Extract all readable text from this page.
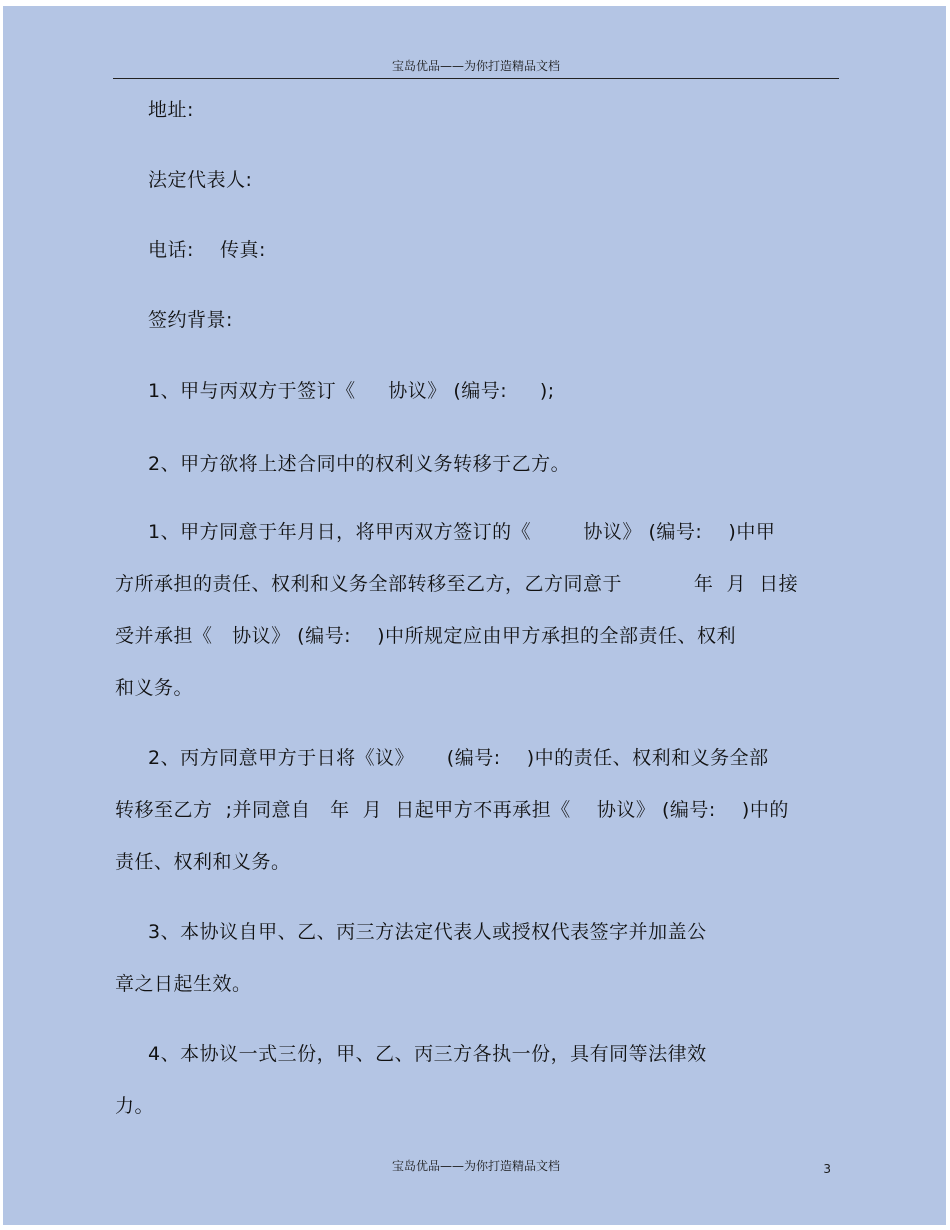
宝岛优品——为你打造精品文档
地址:
法定代表人:
电话:    传真:
签约背景:
1、甲与丙双方于签订《     协议》 (编号:     );
2、甲方欲将上述合同中的权利义务转移于乙方。
1、甲方同意于年月日，将甲丙双方签订的《        协议》 (编号:    )中甲
方所承担的责任、权利和义务全部转移至乙方，乙方同意于           年  月  日接
受并承担《   协议》 (编号:    )中所规定应由甲方承担的全部责任、权利
和义务。
2、丙方同意甲方于日将《议》     (编号:    )中的责任、权利和义务全部
转移至乙方  ;并同意自   年  月  日起甲方不再承担《    协议》 (编号:    )中的
责任、权利和义务。
3、本协议自甲、乙、丙三方法定代表人或授权代表签字并加盖公
章之日起生效。
4、本协议一式三份，甲、乙、丙三方各执一份，具有同等法律效
力。
宝岛优品——为你打造精品文档	3
